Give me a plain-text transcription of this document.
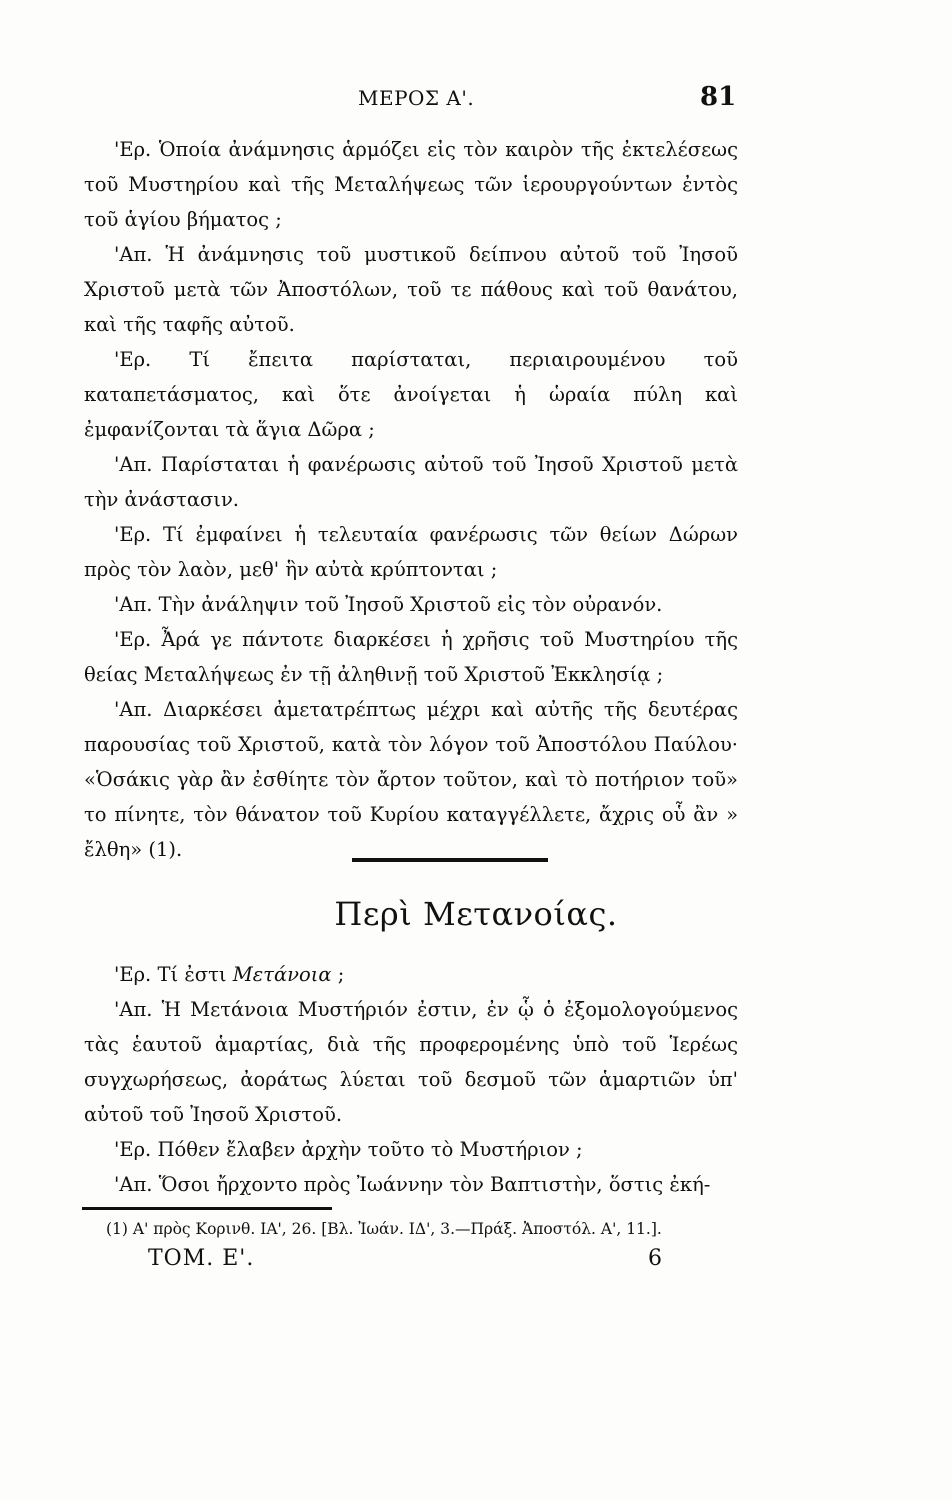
ΜΕΡΟΣ Α'.	81

'Ερ. Ὁποία ἀνάμνησις ἁρμόζει εἰς τὸν καιρὸν τῆς ἐκτελέσεως τοῦ Μυστηρίου καὶ τῆς Μεταλήψεως τῶν ἱερουργούντων ἐντὸς τοῦ ἁγίου βήματος ;

'Απ. Ἡ ἀνάμνησις τοῦ μυστικοῦ δείπνου αὐτοῦ τοῦ Ἰησοῦ Χριστοῦ μετὰ τῶν Ἀποστόλων, τοῦ τε πάθους καὶ τοῦ θανάτου, καὶ τῆς ταφῆς αὐτοῦ.

'Ερ. Τί ἔπειτα παρίσταται, περιαιρουμένου τοῦ καταπετάσματος, καὶ ὅτε ἀνοίγεται ἡ ὡραία πύλη καὶ ἐμφανίζονται τὰ ἅγια Δῶρα ;

'Απ. Παρίσταται ἡ φανέρωσις αὐτοῦ τοῦ Ἰησοῦ Χριστοῦ μετὰ τὴν ἀνάστασιν.

'Ερ. Τί ἐμφαίνει ἡ τελευταία φανέρωσις τῶν θείων Δώρων πρὸς τὸν λαὸν, μεθ' ἣν αὐτὰ κρύπτονται ;

'Απ. Τὴν ἀνάληψιν τοῦ Ἰησοῦ Χριστοῦ εἰς τὸν οὐρανόν.

'Ερ. Ἆρά γε πάντοτε διαρκέσει ἡ χρῆσις τοῦ Μυστηρίου τῆς θείας Μεταλήψεως ἐν τῇ ἀληθινῇ τοῦ Χριστοῦ Ἐκκλησίᾳ ;

'Απ. Διαρκέσει ἀμετατρέπτως μέχρι καὶ αὐτῆς τῆς δευτέρας παρουσίας τοῦ Χριστοῦ, κατὰ τὸν λόγον τοῦ Ἀποστόλου Παύλου· «Ὁσάκις γὰρ ἂν ἐσθίητε τὸν ἄρτον τοῦτον, καὶ τὸ ποτήριον τοῦ» το πίνητε, τὸν θάνατον τοῦ Κυρίου καταγγέλλετε, ἄχρις οὗ ἂν » ἔλθη» (1).

Περὶ Μετανοίας.

'Ερ. Τί ἐστι Μετάνοια ;

'Απ. Ἡ Μετάνοια Μυστήριόν ἐστιν, ἐν ᾧ ὁ ἐξομολογούμενος τὰς ἑαυτοῦ ἁμαρτίας, διὰ τῆς προφερομένης ὑπὸ τοῦ Ἱερέως συγχωρήσεως, ἀοράτως λύεται τοῦ δεσμοῦ τῶν ἁμαρτιῶν ὑπ' αὐτοῦ τοῦ Ἰησοῦ Χριστοῦ.

'Ερ. Πόθεν ἔλαβεν ἀρχὴν τοῦτο τὸ Μυστήριον ;

'Απ. Ὅσοι ἤρχοντο πρὸς Ἰωάννην τὸν Βαπτιστὴν, ὅστις ἐκή-

(1) Α' πρὸς Κορινθ. ΙΑ', 26. [Βλ. Ἰωάν. ΙΔ', 3.—Πράξ. Ἀποστόλ. Α', 11.].
ΤΟΜ. Ε'.	6
